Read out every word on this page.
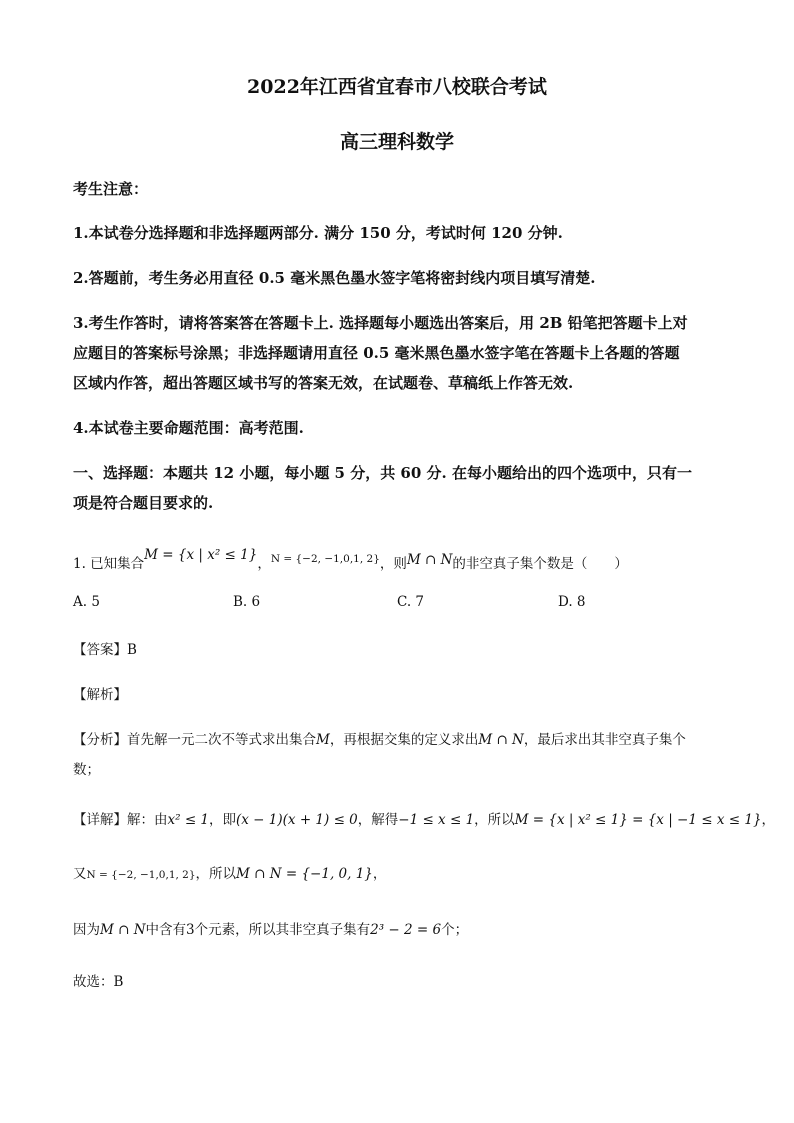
2022年江西省宜春市八校联合考试
高三理科数学
考生注意：
1.本试卷分选择题和非选择题两部分. 满分 150 分，考试时何 120 分钟.
2.答题前，考生务必用直径 0.5 毫米黑色墨水签字笔将密封线内项目填写清楚.
3.考生作答时，请将答案答在答题卡上. 选择题每小题选出答案后，用 2B 铅笔把答题卡上对
应题目的答案标号涂黑；非选择题请用直径 0.5 毫米黑色墨水签字笔在答题卡上各题的答题
区域内作答，超出答题区域书写的答案无效，在试题卷、草稿纸上作答无效.
4.本试卷主要命题范围：高考范围.
一、选择题：本题共 12 小题，每小题 5 分，共 60 分. 在每小题给出的四个选项中，只有一
项是符合题目要求的.
1. 已知集合M = {x | x² ≤ 1}，$^{N = \{-2, -1,0,1, 2\}}$，则M ∩ N的非空真子集个数是（　　）
A. 5	B. 6	C. 7	D. 8
【答案】B
【解析】
【分析】首先解一元二次不等式求出集合M，再根据交集的定义求出M ∩ N，最后求出其非空真子集个
数；
【详解】解：由x² ≤ 1，即(x − 1)(x + 1) ≤ 0，解得−1 ≤ x ≤ 1，所以M = {x | x² ≤ 1} = {x | −1 ≤ x ≤ 1}，
又N = {−2, −1,0,1, 2}，所以M ∩ N = {−1, 0, 1}，
因为M ∩ N中含有3个元素，所以其非空真子集有2³ − 2 = 6个；
故选：B
